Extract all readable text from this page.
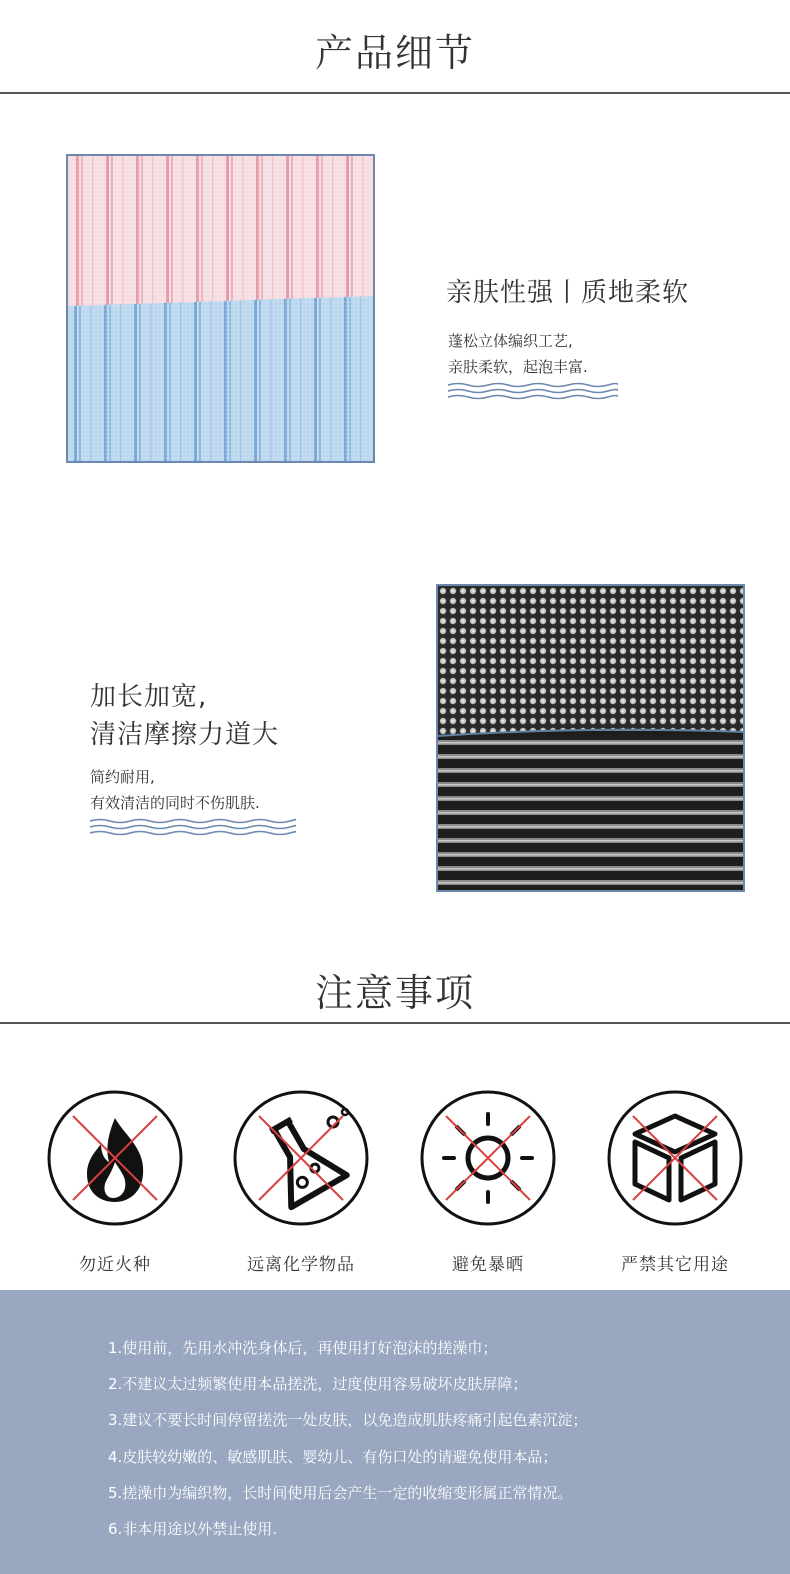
产品细节
亲肤性强丨质地柔软
蓬松立体编织工艺,
亲肤柔软，起泡丰富.
加长加宽,
清洁摩擦力道大
简约耐用,
有效清洁的同时不伤肌肤.
注意事项
勿近火种	远离化学物品	避免暴晒	严禁其它用途
1.使用前，先用水冲洗身体后，再使用打好泡沫的搓澡巾；
2.不建议太过频繁使用本品搓洗，过度使用容易破坏皮肤屏障；
3.建议不要长时间停留搓洗一处皮肤，以免造成肌肤疼痛引起色素沉淀；
4.皮肤较幼嫩的、敏感肌肤、婴幼儿、有伤口处的请避免使用本品；
5.搓澡巾为编织物，长时间使用后会产生一定的收缩变形属正常情况。
6.非本用途以外禁止使用.
